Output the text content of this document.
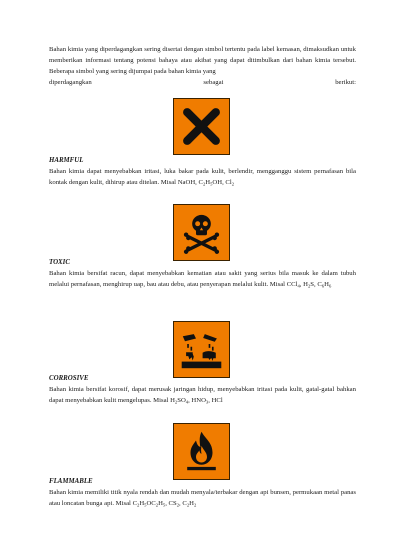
Bahan kimia yang diperdagangkan sering disertai dengan simbol tertentu pada label kemasan, dimaksudkan untuk memberikan informasi tentang potensi bahaya atau akibat yang dapat ditimbulkan dari bahan kimia tersebut. Beberapa simbol yang sering dijumpai pada bahan kimia yang

diperdagangkan	sebagai	berikut:

HARMFUL

Bahan kimia dapat menyebabkan iritasi, luka bakar pada kulit, berlendir, mengganggu sistem pernafasan bila kontak dengan kulit, dihirup atau ditelan. Misal NaOH, $C_2H_5OH$, $Cl_2$

TOXIC

Bahan kimia bersifat racun, dapat menyebabkan kematian atau sakit yang serius bila masuk ke dalam tubuh melalui pernafasan, menghirup uap, bau atau debu, atau penyerapan melalui kulit. Misal CCl$_4$, $H_2S$, $C_6H_6$

CORROSIVE

Bahan kimia bersifat korosif, dapat merusak jaringan hidup, menyebabkan iritasi pada kulit, gatal-gatal bahkan dapat menyebabkan kulit mengelupas. Misal $H_2SO_4$, $HNO_3$, HCl

FLAMMABLE

Bahan kimia memiliki titik nyala rendah dan mudah menyala/terbakar dengan api bunsen, permukaan metal panas atau loncatan bunga api. Misal $C_2H_5OC_2H_5$, $CS_2$, $C_2H_2$
